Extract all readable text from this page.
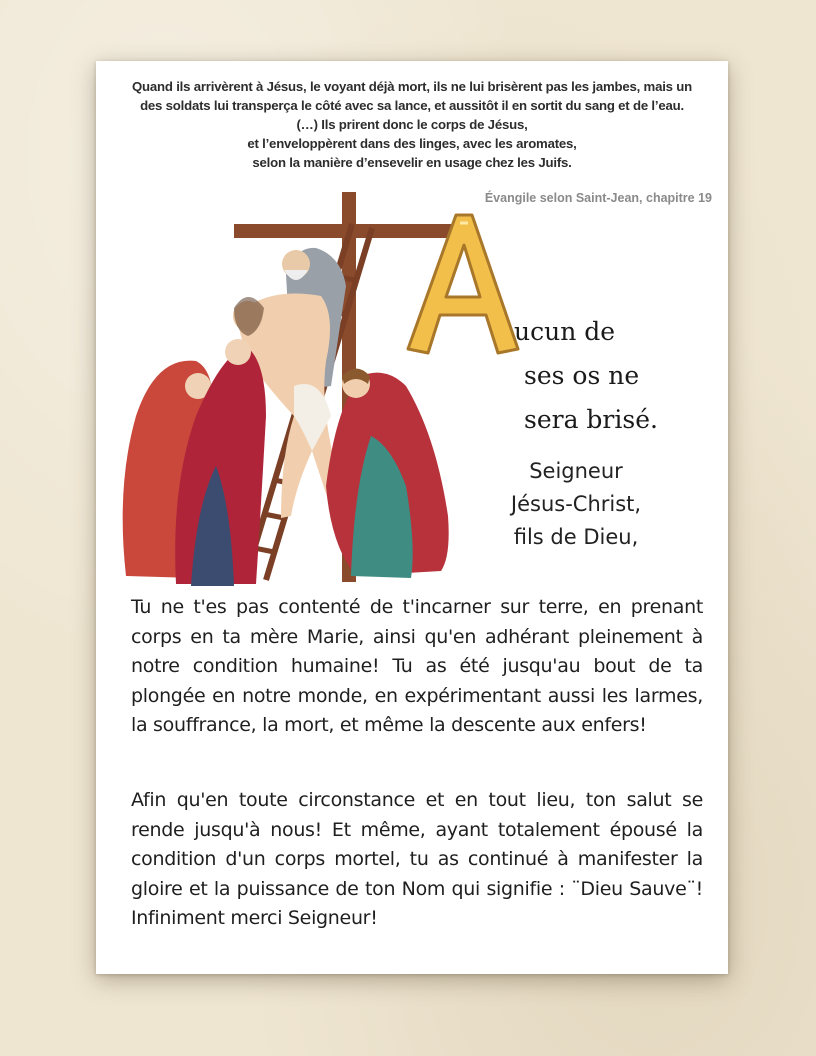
Quand ils arrivèrent à Jésus, le voyant déjà mort, ils ne lui brisèrent pas les jambes, mais un
des soldats lui transperça le côté avec sa lance, et aussitôt il en sortit du sang et de l’eau.
(…) Ils prirent donc le corps de Jésus,
et l’enveloppèrent dans des linges, avec les aromates,
selon la manière d’ensevelir en usage chez les Juifs.
Évangile selon Saint-Jean, chapitre 19
A
ucun de
ses os ne
sera brisé.
Seigneur
Jésus-Christ,
fils de Dieu,

Tu ne t'es pas contenté de t'incarner sur terre, en prenant corps en ta mère Marie, ainsi qu'en adhérant pleinement à notre condition humaine! Tu as été jusqu'au bout de ta plongée en notre monde, en expérimentant aussi les larmes, la souffrance, la mort, et même la descente aux enfers!

Afin qu'en toute circonstance et en tout lieu, ton salut se rende jusqu'à nous! Et même, ayant totalement épousé la condition d'un corps mortel, tu as continué à manifester la gloire et la puissance de ton Nom qui signifie : ¨Dieu Sauve¨! Infiniment merci Seigneur!
